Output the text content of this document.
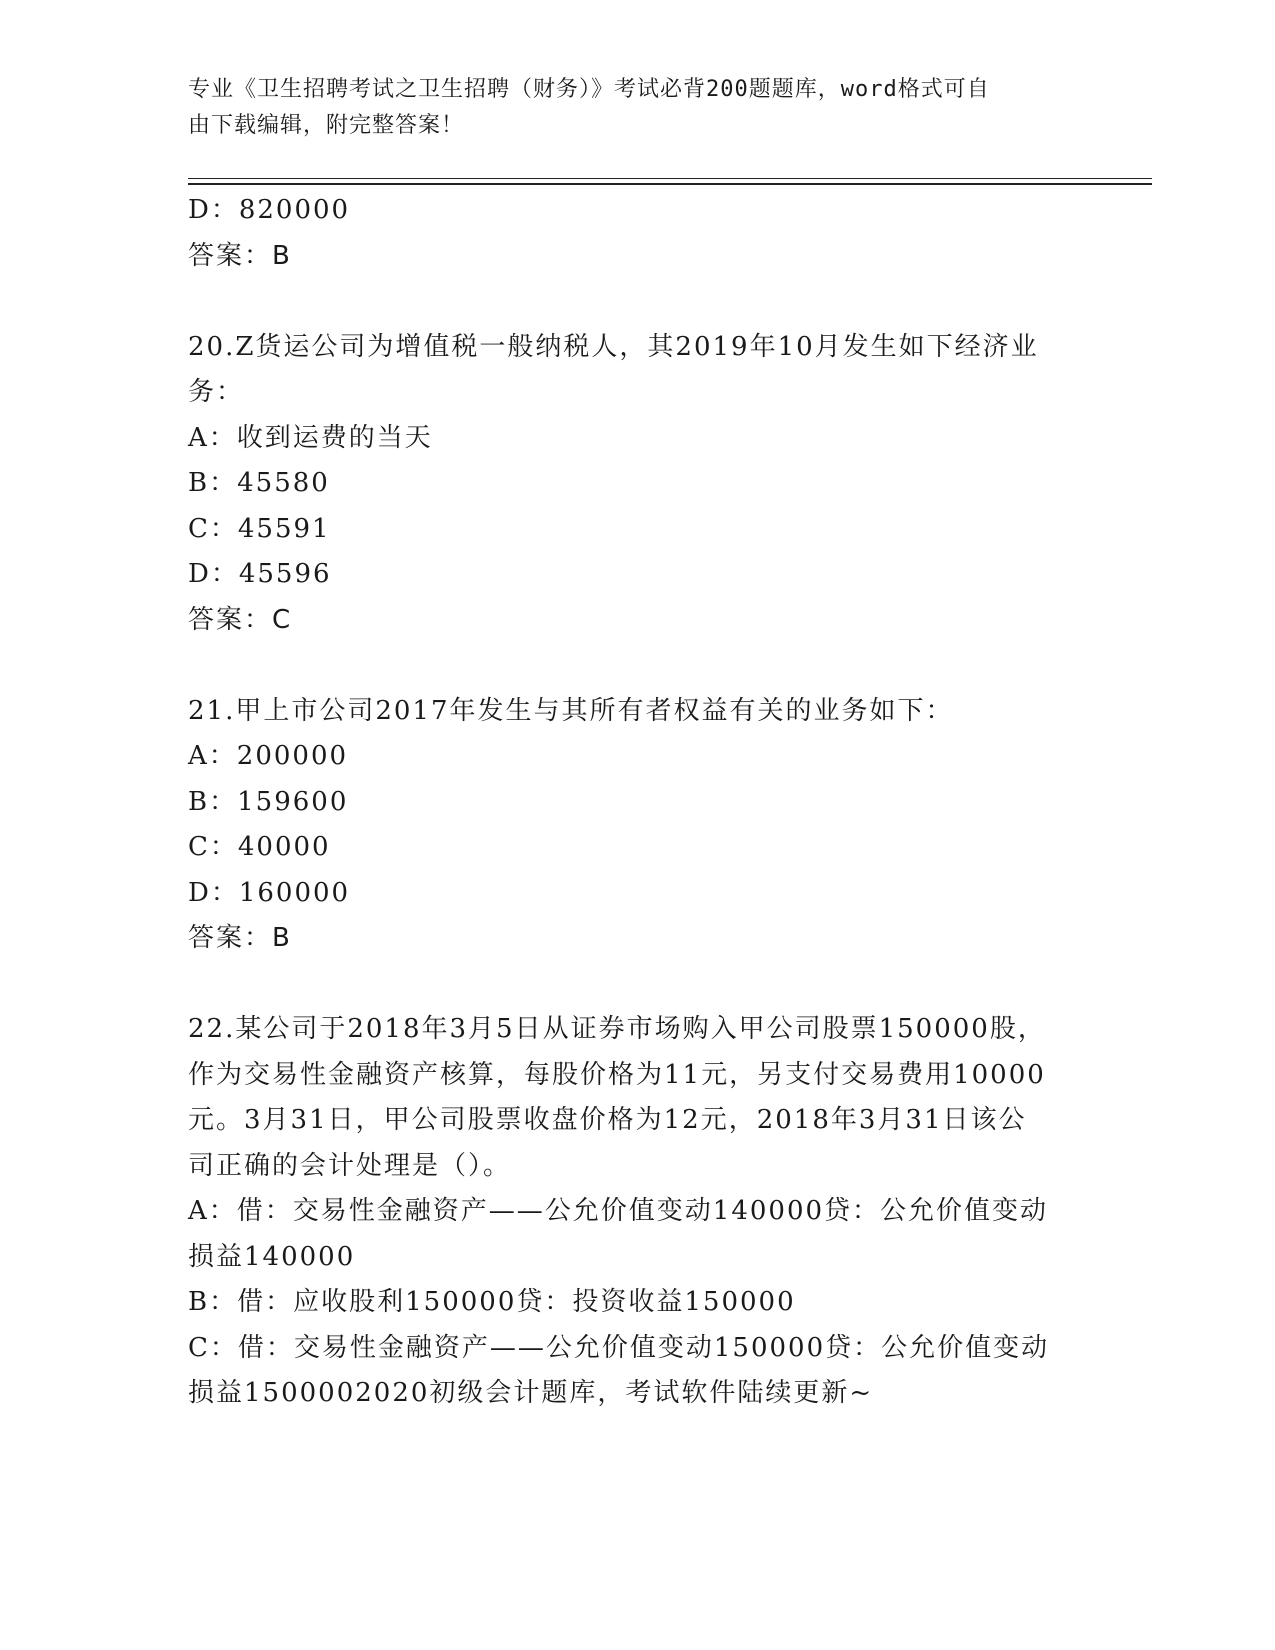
专业《卫生招聘考试之卫生招聘（财务）》考试必背200题题库，word格式可自
由下载编辑，附完整答案！
D：820000
答案：B
20.Z货运公司为增值税一般纳税人，其2019年10月发生如下经济业
务：
A：收到运费的当天
B：45580
C：45591
D：45596
答案：C
21.甲上市公司2017年发生与其所有者权益有关的业务如下：
A：200000
B：159600
C：40000
D：160000
答案：B
22.某公司于2018年3月5日从证券市场购入甲公司股票150000股，
作为交易性金融资产核算，每股价格为11元，另支付交易费用10000
元。3月31日，甲公司股票收盘价格为12元，2018年3月31日该公
司正确的会计处理是（）。
A：借：交易性金融资产——公允价值变动140000贷：公允价值变动
损益140000
B：借：应收股利150000贷：投资收益150000
C：借：交易性金融资产——公允价值变动150000贷：公允价值变动
损益1500002020初级会计题库，考试软件陆续更新~
